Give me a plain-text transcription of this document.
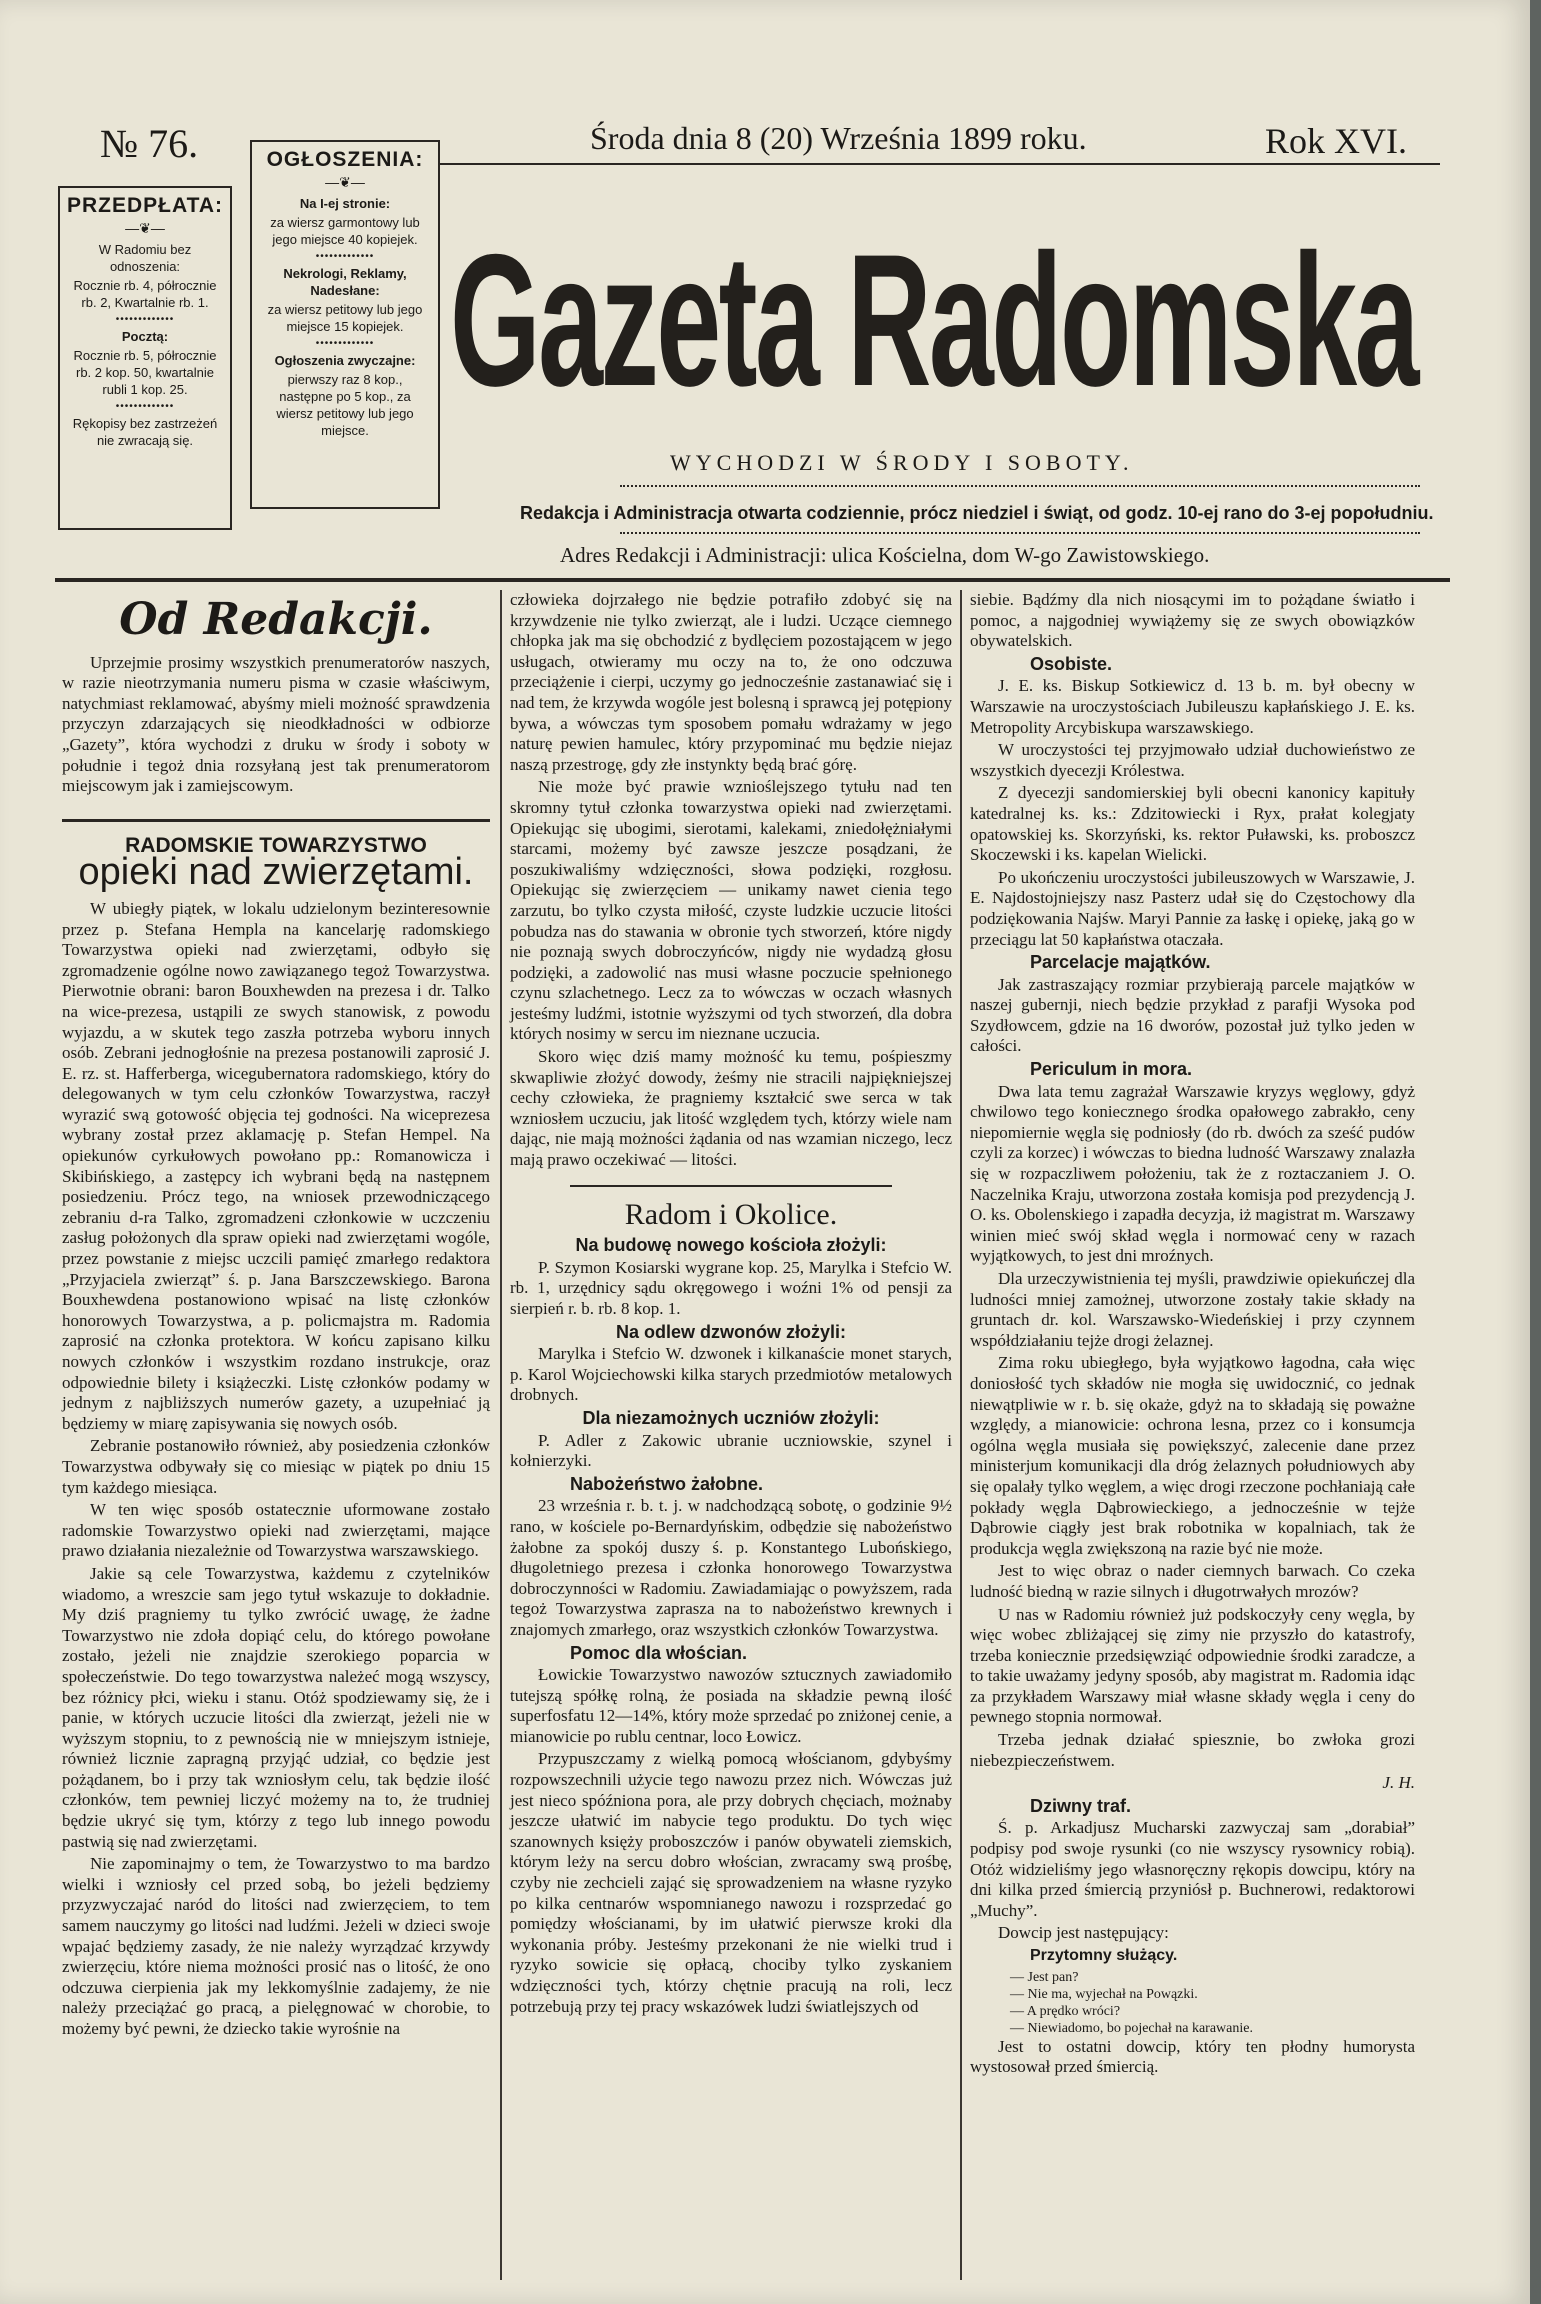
№ 76.	Środa dnia 8 (20) Września 1899 roku.	Rok XVI.
PRZEDPŁATA:
—❦—

W Radomiu bez odnoszenia:

Rocznie rb. 4, półrocznie rb. 2, Kwartalnie rb. 1.

•••••••••••••

Pocztą:

Rocznie rb. 5, półrocznie rb. 2 kop. 50, kwartalnie rubli 1 kop. 25.

•••••••••••••

Rękopisy bez zastrzeżeń nie zwracają się.

OGŁOSZENIA:
—❦—

Na I-ej stronie:

za wiersz garmontowy lub jego miejsce 40 kopiejek.

•••••••••••••

Nekrologi, Reklamy, Nadesłane:

za wiersz petitowy lub jego miejsce 15 kopiejek.

•••••••••••••

Ogłoszenia zwyczajne:

pierwszy raz 8 kop., następne po 5 kop., za wiersz petitowy lub jego miejsce.

Gazeta Radomska
WYCHODZI W ŚRODY I SOBOTY.
Redakcja i Administracja otwarta codziennie, prócz niedziel i świąt, od godz. 10-ej rano do 3-ej popołudniu.
Adres Redakcji i Administracji: ulica Kościelna, dom W-go Zawistowskiego.
Od Redakcji.

Uprzejmie prosimy wszystkich prenumeratorów naszych, w razie nieotrzymania numeru pisma w czasie właściwym, natychmiast reklamować, abyśmy mieli możność sprawdzenia przyczyn zdarzających się nieodkładności w odbiorze „Gazety”, która wychodzi z druku w środy i soboty w południe i tegoż dnia rozsyłaną jest tak prenumeratorom miejscowym jak i zamiejscowym.

RADOMSKIE TOWARZYSTWO
opieki nad zwierzętami.

W ubiegły piątek, w lokalu udzielonym bezinteresownie przez p. Stefana Hempla na kancelarję radomskiego Towarzystwa opieki nad zwierzętami, odbyło się zgromadzenie ogólne nowo zawiązanego tegoż Towarzystwa. Pierwotnie obrani: baron Bouxhewden na prezesa i dr. Talko na wice-prezesa, ustąpili ze swych stanowisk, z powodu wyjazdu, a w skutek tego zaszła potrzeba wyboru innych osób. Zebrani jednogłośnie na prezesa postanowili zaprosić J. E. rz. st. Hafferberga, wicegubernatora radomskiego, który do delegowanych w tym celu członków Towarzystwa, raczył wyrazić swą gotowość objęcia tej godności. Na wiceprezesa wybrany został przez aklamację p. Stefan Hempel. Na opiekunów cyrkułowych powołano pp.: Romanowicza i Skibińskiego, a zastępcy ich wybrani będą na następnem posiedzeniu. Prócz tego, na wniosek przewodniczącego zebraniu d-ra Talko, zgromadzeni członkowie w uczczeniu zasług położonych dla spraw opieki nad zwierzętami wogóle, przez powstanie z miejsc uczcili pamięć zmarłego redaktora „Przyjaciela zwierząt” ś. p. Jana Barszczewskiego. Barona Bouxhewdena postanowiono wpisać na listę członków honorowych Towarzystwa, a p. policmajstra m. Radomia zaprosić na członka protektora. W końcu zapisano kilku nowych członków i wszystkim rozdano instrukcje, oraz odpowiednie bilety i książeczki. Listę członków podamy w jednym z najbliższych numerów gazety, a uzupełniać ją będziemy w miarę zapisywania się nowych osób.

Zebranie postanowiło również, aby posiedzenia członków Towarzystwa odbywały się co miesiąc w piątek po dniu 15 tym każdego miesiąca.

W ten więc sposób ostatecznie uformowane zostało radomskie Towarzystwo opieki nad zwierzętami, mające prawo działania niezależnie od Towarzystwa warszawskiego.

Jakie są cele Towarzystwa, każdemu z czytelników wiadomo, a wreszcie sam jego tytuł wskazuje to dokładnie. My dziś pragniemy tu tylko zwrócić uwagę, że żadne Towarzystwo nie zdoła dopiąć celu, do którego powołane zostało, jeżeli nie znajdzie szerokiego poparcia w społeczeństwie. Do tego towarzystwa należeć mogą wszyscy, bez różnicy płci, wieku i stanu. Otóż spodziewamy się, że i panie, w których uczucie litości dla zwierząt, jeżeli nie w wyższym stopniu, to z pewnością nie w mniejszym istnieje, również licznie zapragną przyjąć udział, co będzie jest pożądanem, bo i przy tak wzniosłym celu, tak będzie ilość członków, tem pewniej liczyć możemy na to, że trudniej będzie ukryć się tym, którzy z tego lub innego powodu pastwią się nad zwierzętami.

Nie zapominajmy o tem, że Towarzystwo to ma bardzo wielki i wzniosły cel przed sobą, bo jeżeli będziemy przyzwyczajać naród do litości nad zwierzęciem, to tem samem nauczymy go litości nad ludźmi. Jeżeli w dzieci swoje wpajać będziemy zasady, że nie należy wyrządzać krzywdy zwierzęciu, które niema możności prosić nas o litość, że ono odczuwa cierpienia jak my lekkomyślnie zadajemy, że nie należy przeciążać go pracą, a pielęgnować w chorobie, to możemy być pewni, że dziecko takie wyrośnie na

człowieka dojrzałego nie będzie potrafiło zdobyć się na krzywdzenie nie tylko zwierząt, ale i ludzi. Uczące ciemnego chłopka jak ma się obchodzić z bydlęciem pozostającem w jego usługach, otwieramy mu oczy na to, że ono odczuwa przeciążenie i cierpi, uczymy go jednocześnie zastanawiać się i nad tem, że krzywda wogóle jest bolesną i sprawcą jej potępiony bywa, a wówczas tym sposobem pomału wdrażamy w jego naturę pewien hamulec, który przypominać mu będzie niejaz naszą przestrogę, gdy złe instynkty będą brać górę.

Nie może być prawie wznioślejszego tytułu nad ten skromny tytuł członka towarzystwa opieki nad zwierzętami. Opiekując się ubogimi, sierotami, kalekami, zniedołężniałymi starcami, możemy być zawsze jeszcze posądzani, że poszukiwaliśmy wdzięczności, słowa podzięki, rozgłosu. Opiekując się zwierzęciem — unikamy nawet cienia tego zarzutu, bo tylko czysta miłość, czyste ludzkie uczucie litości pobudza nas do stawania w obronie tych stworzeń, które nigdy nie poznają swych dobroczyńców, nigdy nie wydadzą głosu podzięki, a zadowolić nas musi własne poczucie spełnionego czynu szlachetnego. Lecz za to wówczas w oczach własnych jesteśmy ludźmi, istotnie wyższymi od tych stworzeń, dla dobra których nosimy w sercu im nieznane uczucia.

Skoro więc dziś mamy możność ku temu, pośpieszmy skwapliwie złożyć dowody, żeśmy nie stracili najpiękniejszej cechy człowieka, że pragniemy kształcić swe serca w tak wzniosłem uczuciu, jak litość względem tych, którzy wiele nam dając, nie mają możności żądania od nas wzamian niczego, lecz mają prawo oczekiwać — litości.

Radom i Okolice.

Na budowę nowego kościoła złożyli:

P. Szymon Kosiarski wygrane kop. 25, Marylka i Stefcio W. rb. 1, urzędnicy sądu okręgowego i woźni 1% od pensji za sierpień r. b. rb. 8 kop. 1.

Na odlew dzwonów złożyli:

Marylka i Stefcio W. dzwonek i kilkanaście monet starych, p. Karol Wojciechowski kilka starych przedmiotów metalowych drobnych.

Dla niezamożnych uczniów złożyli:

P. Adler z Zakowic ubranie uczniowskie, szynel i kołnierzyki.

Nabożeństwo żałobne.

23 września r. b. t. j. w nadchodzącą sobotę, o godzinie 9½ rano, w kościele po-Bernardyńskim, odbędzie się nabożeństwo żałobne za spokój duszy ś. p. Konstantego Lubońskiego, długoletniego prezesa i członka honorowego Towarzystwa dobroczynności w Radomiu. Zawiadamiając o powyższem, rada tegoż Towarzystwa zaprasza na to nabożeństwo krewnych i znajomych zmarłego, oraz wszystkich członków Towarzystwa.

Pomoc dla włościan.

Łowickie Towarzystwo nawozów sztucznych zawiadomiło tutejszą spółkę rolną, że posiada na składzie pewną ilość superfosfatu 12—14%, który może sprzedać po zniżonej cenie, a mianowicie po rublu centnar, loco Łowicz.

Przypuszczamy z wielką pomocą włościanom, gdybyśmy rozpowszechnili użycie tego nawozu przez nich. Wówczas już jest nieco spóźniona pora, ale przy dobrych chęciach, możnaby jeszcze ułatwić im nabycie tego produktu. Do tych więc szanownych księży proboszczów i panów obywateli ziemskich, którym leży na sercu dobro włościan, zwracamy swą prośbę, czyby nie zechcieli zająć się sprowadzeniem na własne ryzyko po kilka centnarów wspomnianego nawozu i rozsprzedać go pomiędzy włościanami, by im ułatwić pierwsze kroki dla wykonania próby. Jesteśmy przekonani że nie wielki trud i ryzyko sowicie się opłacą, chociby tylko zyskaniem wdzięczności tych, którzy chętnie pracują na roli, lecz potrzebują przy tej pracy wskazówek ludzi światlejszych od

siebie. Bądźmy dla nich niosącymi im to pożądane światło i pomoc, a najgodniej wywiążemy się ze swych obowiązków obywatelskich.

Osobiste.

J. E. ks. Biskup Sotkiewicz d. 13 b. m. był obecny w Warszawie na uroczystościach Jubileuszu kapłańskiego J. E. ks. Metropolity Arcybiskupa warszawskiego.

W uroczystości tej przyjmowało udział duchowieństwo ze wszystkich dyecezji Królestwa.

Z dyecezji sandomierskiej byli obecni kanonicy kapituły katedralnej ks. ks.: Zdzitowiecki i Ryx, prałat kolegjaty opatowskiej ks. Skorzyński, ks. rektor Puławski, ks. proboszcz Skoczewski i ks. kapelan Wielicki.

Po ukończeniu uroczystości jubileuszowych w Warszawie, J. E. Najdostojniejszy nasz Pasterz udał się do Częstochowy dla podziękowania Najśw. Maryi Pannie za łaskę i opiekę, jaką go w przeciągu lat 50 kapłaństwa otaczała.

Parcelacje majątków.

Jak zastraszający rozmiar przybierają parcele majątków w naszej gubernji, niech będzie przykład z parafji Wysoka pod Szydłowcem, gdzie na 16 dworów, pozostał już tylko jeden w całości.

Periculum in mora.

Dwa lata temu zagrażał Warszawie kryzys węglowy, gdyż chwilowo tego koniecznego środka opałowego zabrakło, ceny niepomiernie węgla się podniosły (do rb. dwóch za sześć pudów czyli za korzec) i wówczas to biedna ludność Warszawy znalazła się w rozpaczliwem położeniu, tak że z roztaczaniem J. O. Naczelnika Kraju, utworzona została komisja pod prezydencją J. O. ks. Obolenskiego i zapadła decyzja, iż magistrat m. Warszawy winien mieć swój skład węgla i normować ceny w razach wyjątkowych, to jest dni mroźnych.

Dla urzeczywistnienia tej myśli, prawdziwie opiekuńczej dla ludności mniej zamożnej, utworzone zostały takie składy na gruntach dr. kol. Warszawsko-Wiedeńskiej i przy czynnem współdziałaniu tejże drogi żelaznej.

Zima roku ubiegłego, była wyjątkowo łagodna, cała więc doniosłość tych składów nie mogła się uwidocznić, co jednak niewątpliwie w r. b. się okaże, gdyż na to składają się poważne względy, a mianowicie: ochrona lesna, przez co i konsumcja ogólna węgla musiała się powiększyć, zalecenie dane przez ministerjum komunikacji dla dróg żelaznych południowych aby się opalały tylko węglem, a więc drogi rzeczone pochłaniają całe pokłady węgla Dąbrowieckiego, a jednocześnie w tejże Dąbrowie ciągły jest brak robotnika w kopalniach, tak że produkcja węgla zwiększoną na razie być nie może.

Jest to więc obraz o nader ciemnych barwach. Co czeka ludność biedną w razie silnych i długotrwałych mrozów?

U nas w Radomiu również już podskoczyły ceny węgla, by więc wobec zbliżającej się zimy nie przyszło do katastrofy, trzeba koniecznie przedsięwziąć odpowiednie środki zaradcze, a to takie uważamy jedyny sposób, aby magistrat m. Radomia idąc za przykładem Warszawy miał własne składy węgla i ceny do pewnego stopnia normował.

Trzeba jednak działać spiesznie, bo zwłoka grozi niebezpieczeństwem.

J. H.

Dziwny traf.

Ś. p. Arkadjusz Mucharski zazwyczaj sam „dorabiał” podpisy pod swoje rysunki (co nie wszyscy rysownicy robią). Otóż widzieliśmy jego własnoręczny rękopis dowcipu, który na dni kilka przed śmiercią przyniósł p. Buchnerowi, redaktorowi „Muchy”.

Dowcip jest następujący:

Przytomny służący.

— Jest pan?

— Nie ma, wyjechał na Powązki.

— A prędko wróci?

— Niewiadomo, bo pojechał na karawanie.

Jest to ostatni dowcip, który ten płodny humorysta wystosował przed śmiercią.
